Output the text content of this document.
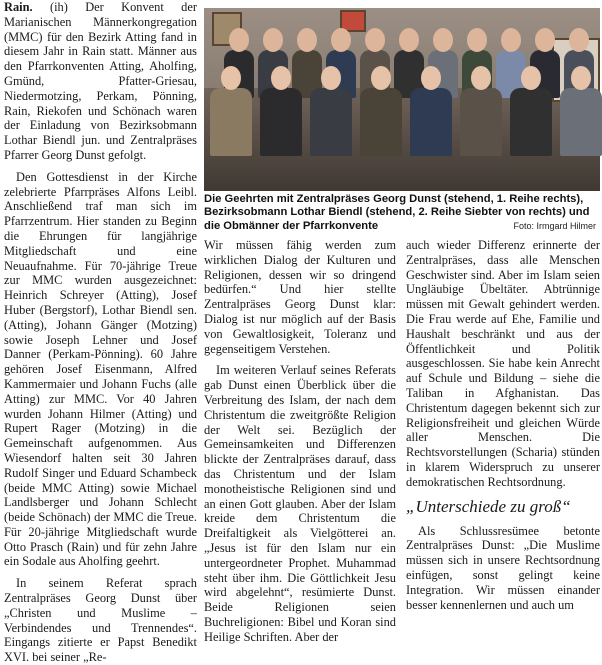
Rain. (ih) Der Konvent der Marianischen Männerkongregation (MMC) für den Bezirk Atting fand in diesem Jahr in Rain statt. Männer aus den Pfarrkonventen Atting, Aholfing, Gmünd, Pfatter-Griesau, Niedermotzing, Perkam, Pönning, Rain, Riekofen und Schönach waren der Einladung von Bezirksobmann Lothar Biendl jun. und Zentralpräses Pfarrer Georg Dunst gefolgt.

Den Gottesdienst in der Kirche zelebrierte Pfarrpräses Alfons Leibl. Anschließend traf man sich im Pfarrzentrum. Hier standen zu Beginn die Ehrungen für langjährige Mitgliedschaft und eine Neuaufnahme. Für 70-jährige Treue zur MMC wurden ausgezeichnet: Heinrich Schreyer (Atting), Josef Huber (Bergstorf), Lothar Biendl sen. (Atting), Johann Gänger (Motzing) sowie Joseph Lehner und Josef Danner (Perkam-Pönning). 60 Jahre gehören Josef Eisenmann, Alfred Kammermaier und Johann Fuchs (alle Atting) zur MMC. Vor 40 Jahren wurden Johann Hilmer (Atting) und Rupert Rager (Motzing) in die Gemeinschaft aufgenommen. Aus Wiesendorf halten seit 30 Jahren Rudolf Singer und Eduard Schambeck (beide MMC Atting) sowie Michael Landlsberger und Johann Schlecht (beide Schönach) der MMC die Treue. Für 20-jährige Mitgliedschaft wurde Otto Prasch (Rain) und für zehn Jahre ein Sodale aus Aholfing geehrt.

In seinem Referat sprach Zentralpräses Georg Dunst über „Christen und Muslime – Verbindendes und Trennendes“. Eingangs zitierte er Papst Benedikt XVI. bei seiner „Re-

Die Geehrten mit Zentralpräses Georg Dunst (stehend, 1. Reihe rechts), Bezirksobmann Lothar Biendl (stehend, 2. Reihe Siebter von rechts) und die Obmänner der Pfarrkonvente	Foto: Irmgard Hilmer

Wir müssen fähig werden zum wirklichen Dialog der Kulturen und Religionen, dessen wir so dringend bedürfen.“ Und hier stellte Zentralpräses Georg Dunst klar: Dialog ist nur möglich auf der Basis von Gewaltlosigkeit, Toleranz und gegenseitigem Verstehen.

Im weiteren Verlauf seines Referats gab Dunst einen Überblick über die Verbreitung des Islam, der nach dem Christentum die zweitgrößte Religion der Welt sei. Bezüglich der Gemeinsamkeiten und Differenzen blickte der Zentralpräses darauf, dass das Christentum und der Islam monotheistische Religionen sind und an einen Gott glauben. Aber der Islam kreide dem Christentum die Dreifaltigkeit als Vielgötterei an. „Jesus ist für den Islam nur ein untergeordneter Prophet. Muhammad steht über ihm. Die Göttlichkeit Jesu wird abgelehnt“, resümierte Dunst. Beide Religionen seien Buchreligionen: Bibel und Koran sind Heilige Schriften. Aber der

auch wieder Differenz erinnerte der Zentralpräses, dass alle Menschen Geschwister sind. Aber im Islam seien Ungläubige Übeltäter. Abtrünnige müssen mit Gewalt gehindert werden. Die Frau werde auf Ehe, Familie und Haushalt beschränkt und aus der Öffentlichkeit und Politik ausgeschlossen. Sie habe kein Anrecht auf Schule und Bildung – siehe die Taliban in Afghanistan. Das Christentum dagegen bekennt sich zur Religionsfreiheit und gleichen Würde aller Menschen. Die Rechtsvorstellungen (Scharia) stünden in klarem Widerspruch zu unserer demokratischen Rechtsordnung.

„Unterschiede zu groß“

Als Schlussresümee betonte Zentralpräses Dunst: „Die Muslime müssen sich in unsere Rechtsordnung einfügen, sonst gelingt keine Integration. Wir müssen einander besser kennenlernen und auch um
